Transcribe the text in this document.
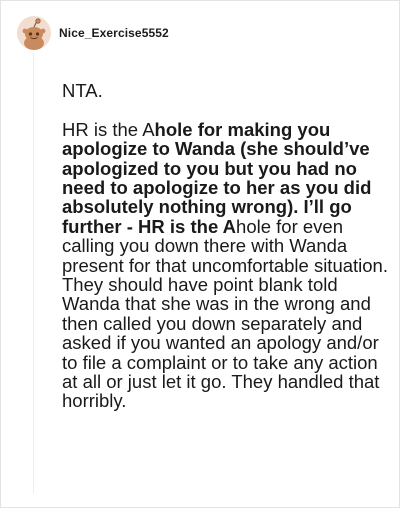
Nice_Exercise5552

NTA.

HR is the Ahole for making you apologize to Wanda (she should’ve apologized to you but you had no need to apologize to her as you did absolutely nothing wrong). I’ll go further - HR is the Ahole for even calling you down there with Wanda present for that uncomfortable situation. They should have point blank told Wanda that she was in the wrong and then called you down separately and asked if you wanted an apology and/or to file a complaint or to take any action at all or just let it go. They handled that horribly.
